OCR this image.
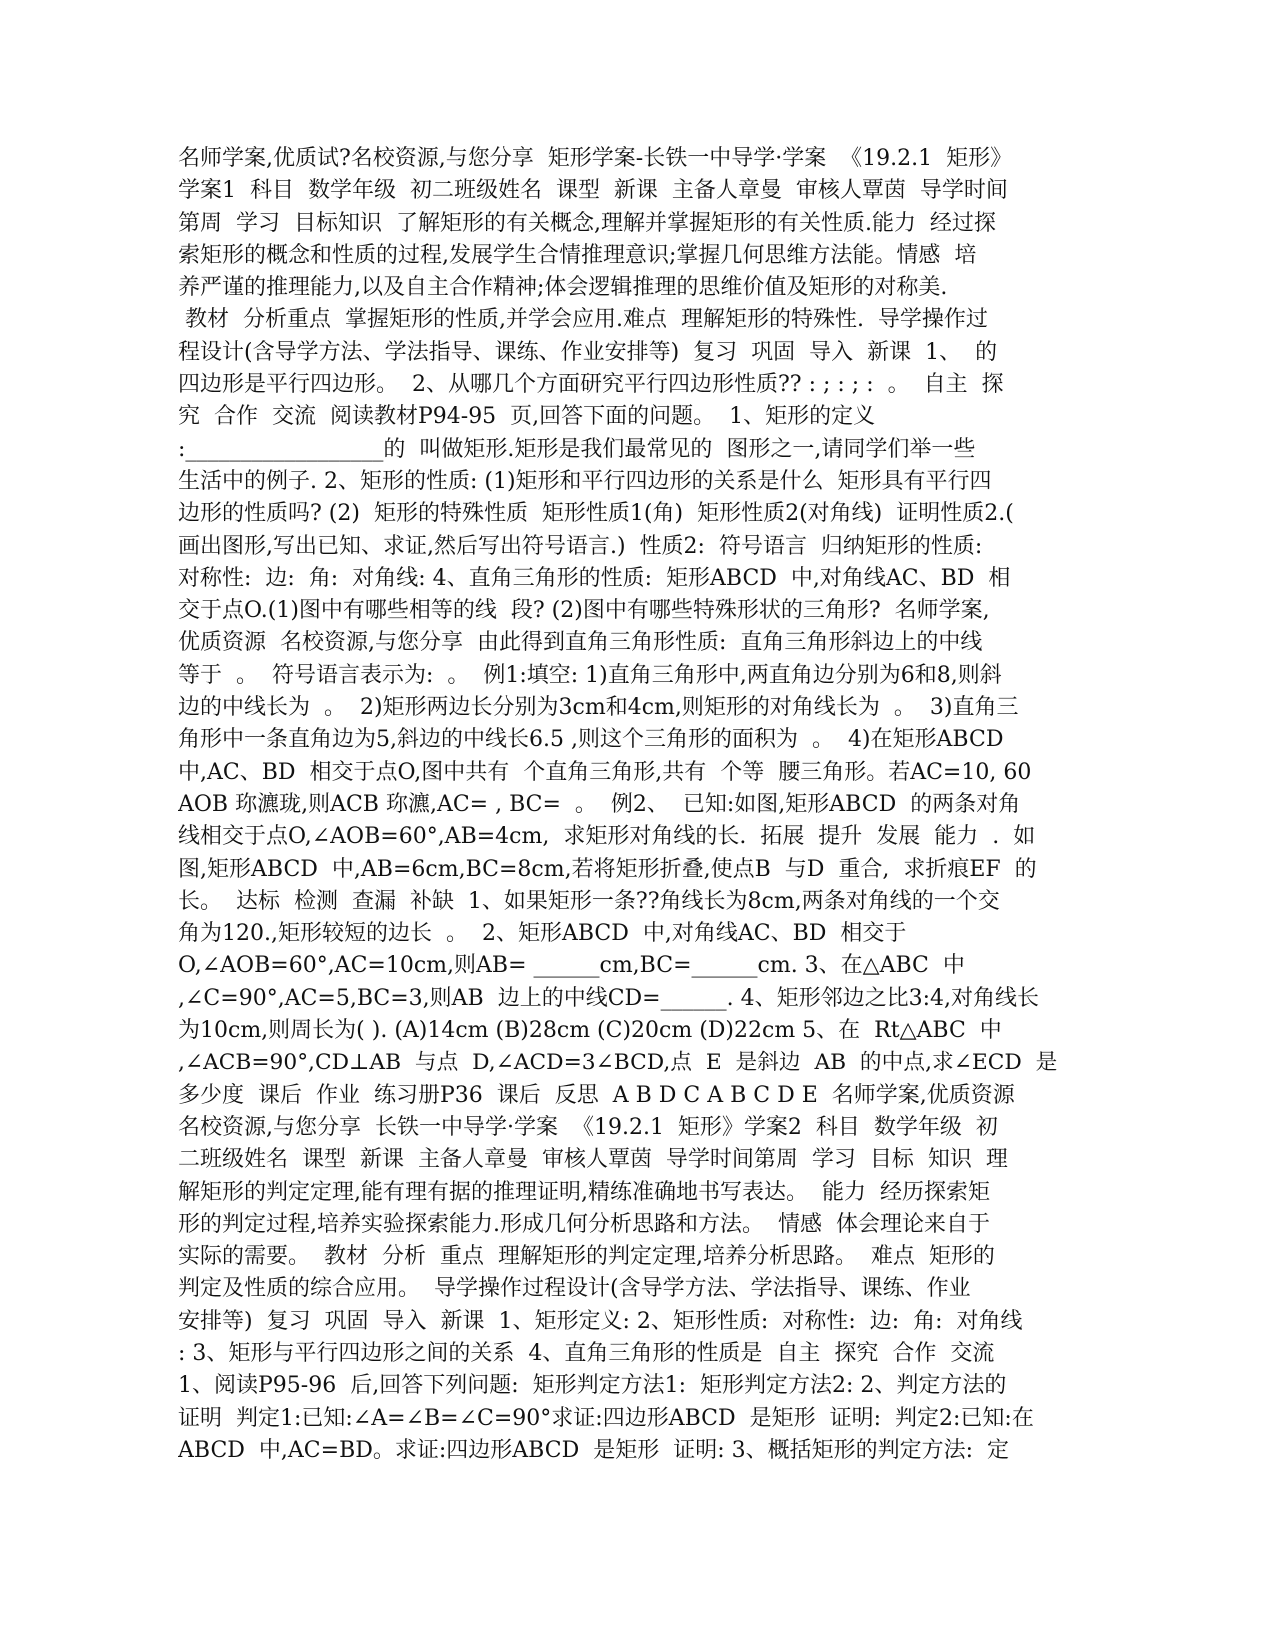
名师学案,优质试?名校资源,与您分享  矩形学案-长铁一中导学·学案  《19.2.1  矩形》
学案1  科目  数学年级  初二班级姓名  课型  新课  主备人章曼  审核人覃茵  导学时间
第周  学习  目标知识  了解矩形的有关概念,理解并掌握矩形的有关性质.能力  经过探
索矩形的概念和性质的过程,发展学生合情推理意识;掌握几何思维方法能。情感  培
养严谨的推理能力,以及自主合作精神;体会逻辑推理的思维价值及矩形的对称美.
教材  分析重点  掌握矩形的性质,并学会应用.难点  理解矩形的特殊性.  导学操作过
程设计(含导学方法、学法指导、课练、作业安排等)  复习  巩固  导入  新课  1、  的
四边形是平行四边形。  2、从哪几个方面研究平行四边形性质?? : ; : ; :  。  自主  探
究  合作  交流  阅读教材P94-95  页,回答下面的问题。  1、矩形的定义
:__________________的  叫做矩形.矩形是我们最常见的  图形之一,请同学们举一些
生活中的例子. 2、矩形的性质: (1)矩形和平行四边形的关系是什么  矩形具有平行四
边形的性质吗? (2)  矩形的特殊性质  矩形性质1(角)  矩形性质2(对角线)  证明性质2.(
画出图形,写出已知、求证,然后写出符号语言.)  性质2:  符号语言  归纳矩形的性质:
对称性:  边:  角:  对角线: 4、直角三角形的性质:  矩形ABCD  中,对角线AC、BD  相
交于点O.(1)图中有哪些相等的线  段? (2)图中有哪些特殊形状的三角形?  名师学案,
优质资源  名校资源,与您分享  由此得到直角三角形性质:  直角三角形斜边上的中线
等于  。  符号语言表示为:  。  例1:填空: 1)直角三角形中,两直角边分别为6和8,则斜
边的中线长为  。  2)矩形两边长分别为3cm和4cm,则矩形的对角线长为  。  3)直角三
角形中一条直角边为5,斜边的中线长6.5 ,则这个三角形的面积为  。  4)在矩形ABCD
中,AC、BD  相交于点O,图中共有  个直角三角形,共有  个等  腰三角形。若AC=10, 60
AOB 珎瀌珑,则ACB 珎瀌,AC= , BC=  。  例2、  已知:如图,矩形ABCD  的两条对角
线相交于点O,∠AOB=60°,AB=4cm,  求矩形对角线的长.  拓展  提升  发展  能力  .  如
图,矩形ABCD  中,AB=6cm,BC=8cm,若将矩形折叠,使点B  与D  重合,  求折痕EF  的
长。  达标  检测  查漏  补缺  1、如果矩形一条??角线长为8cm,两条对角线的一个交
角为120.,矩形较短的边长  。  2、矩形ABCD  中,对角线AC、BD  相交于
O,∠AOB=60°,AC=10cm,则AB= ______cm,BC=______cm. 3、在△ABC  中
,∠C=90°,AC=5,BC=3,则AB  边上的中线CD=______. 4、矩形邻边之比3:4,对角线长
为10cm,则周长为( ). (A)14cm (B)28cm (C)20cm (D)22cm 5、在  Rt△ABC  中
,∠ACB=90°,CD⊥AB  与点  D,∠ACD=3∠BCD,点  E  是斜边  AB  的中点,求∠ECD  是
多少度  课后  作业  练习册P36  课后  反思  A B D C A B C D E  名师学案,优质资源
名校资源,与您分享  长铁一中导学·学案  《19.2.1  矩形》学案2  科目  数学年级  初
二班级姓名  课型  新课  主备人章曼  审核人覃茵  导学时间第周  学习  目标  知识  理
解矩形的判定定理,能有理有据的推理证明,精练准确地书写表达。  能力  经历探索矩
形的判定过程,培养实验探索能力.形成几何分析思路和方法。  情感  体会理论来自于
实际的需要。  教材  分析  重点  理解矩形的判定定理,培养分析思路。  难点  矩形的
判定及性质的综合应用。  导学操作过程设计(含导学方法、学法指导、课练、作业
安排等)  复习  巩固  导入  新课  1、矩形定义: 2、矩形性质:  对称性:  边:  角:  对角线
: 3、矩形与平行四边形之间的关系  4、直角三角形的性质是  自主  探究  合作  交流
1、阅读P95-96  后,回答下列问题:  矩形判定方法1:  矩形判定方法2: 2、判定方法的
证明  判定1:已知:∠A=∠B=∠C=90°求证:四边形ABCD  是矩形  证明:  判定2:已知:在
ABCD  中,AC=BD。求证:四边形ABCD  是矩形  证明: 3、概括矩形的判定方法:  定
